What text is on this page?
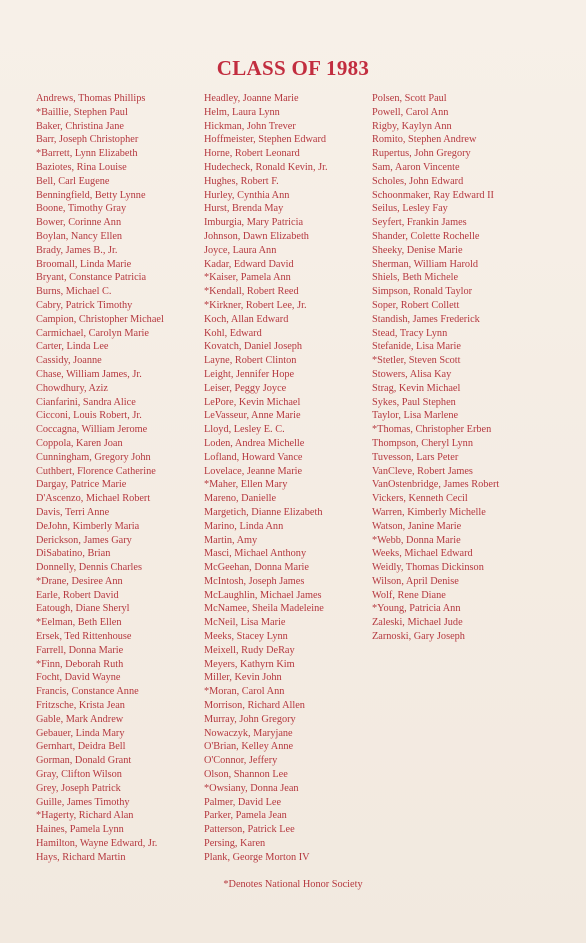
CLASS OF 1983
Andrews, Thomas Phillips
*Baillie, Stephen Paul
Baker, Christina Jane
Barr, Joseph Christopher
*Barrett, Lynn Elizabeth
Baziotes, Rina Louise
Bell, Carl Eugene
Benningfield, Betty Lynne
Boone, Timothy Gray
Bower, Corinne Ann
Boylan, Nancy Ellen
Brady, James B., Jr.
Broomall, Linda Marie
Bryant, Constance Patricia
Burns, Michael C.
Cabry, Patrick Timothy
Campion, Christopher Michael
Carmichael, Carolyn Marie
Carter, Linda Lee
Cassidy, Joanne
Chase, William James, Jr.
Chowdhury, Aziz
Cianfarini, Sandra Alice
Cicconi, Louis Robert, Jr.
Coccagna, William Jerome
Coppola, Karen Joan
Cunningham, Gregory John
Cuthbert, Florence Catherine
Dargay, Patrice Marie
D'Ascenzo, Michael Robert
Davis, Terri Anne
DeJohn, Kimberly Maria
Derickson, James Gary
DiSabatino, Brian
Donnelly, Dennis Charles
*Drane, Desiree Ann
Earle, Robert David
Eatough, Diane Sheryl
*Eelman, Beth Ellen
Ersek, Ted Rittenhouse
Farrell, Donna Marie
*Finn, Deborah Ruth
Focht, David Wayne
Francis, Constance Anne
Fritzsche, Krista Jean
Gable, Mark Andrew
Gebauer, Linda Mary
Gernhart, Deidra Bell
Gorman, Donald Grant
Gray, Clifton Wilson
Grey, Joseph Patrick
Guille, James Timothy
*Hagerty, Richard Alan
Haines, Pamela Lynn
Hamilton, Wayne Edward, Jr.
Hays, Richard Martin
Headley, Joanne Marie
Helm, Laura Lynn
Hickman, John Trever
Hoffmeister, Stephen Edward
Horne, Robert Leonard
Hudecheck, Ronald Kevin, Jr.
Hughes, Robert F.
Hurley, Cynthia Ann
Hurst, Brenda May
Imburgia, Mary Patricia
Johnson, Dawn Elizabeth
Joyce, Laura Ann
Kadar, Edward David
*Kaiser, Pamela Ann
*Kendall, Robert Reed
*Kirkner, Robert Lee, Jr.
Koch, Allan Edward
Kohl, Edward
Kovatch, Daniel Joseph
Layne, Robert Clinton
Leight, Jennifer Hope
Leiser, Peggy Joyce
LePore, Kevin Michael
LeVasseur, Anne Marie
Lloyd, Lesley E. C.
Loden, Andrea Michelle
Lofland, Howard Vance
Lovelace, Jeanne Marie
*Maher, Ellen Mary
Mareno, Danielle
Margetich, Dianne Elizabeth
Marino, Linda Ann
Martin, Amy
Masci, Michael Anthony
McGeehan, Donna Marie
McIntosh, Joseph James
McLaughlin, Michael James
McNamee, Sheila Madeleine
McNeil, Lisa Marie
Meeks, Stacey Lynn
Meixell, Rudy DeRay
Meyers, Kathyrn Kim
Miller, Kevin John
*Moran, Carol Ann
Morrison, Richard Allen
Murray, John Gregory
Nowaczyk, Maryjane
O'Brian, Kelley Anne
O'Connor, Jeffery
Olson, Shannon Lee
*Owsiany, Donna Jean
Palmer, David Lee
Parker, Pamela Jean
Patterson, Patrick Lee
Persing, Karen
Plank, George Morton IV
Polsen, Scott Paul
Powell, Carol Ann
Rigby, Kaylyn Ann
Romito, Stephen Andrew
Rupertus, John Gregory
Sam, Aaron Vincente
Scholes, John Edward
Schoonmaker, Ray Edward II
Seilus, Lesley Fay
Seyfert, Frankin James
Shander, Colette Rochelle
Sheeky, Denise Marie
Sherman, William Harold
Shiels, Beth Michele
Simpson, Ronald Taylor
Soper, Robert Collett
Standish, James Frederick
Stead, Tracy Lynn
Stefanide, Lisa Marie
*Stetler, Steven Scott
Stowers, Alisa Kay
Strag, Kevin Michael
Sykes, Paul Stephen
Taylor, Lisa Marlene
*Thomas, Christopher Erben
Thompson, Cheryl Lynn
Tuvesson, Lars Peter
VanCleve, Robert James
VanOstenbridge, James Robert
Vickers, Kenneth Cecil
Warren, Kimberly Michelle
Watson, Janine Marie
*Webb, Donna Marie
Weeks, Michael Edward
Weidly, Thomas Dickinson
Wilson, April Denise
Wolf, Rene Diane
*Young, Patricia Ann
Zaleski, Michael Jude
Zarnoski, Gary Joseph
*Denotes National Honor Society
